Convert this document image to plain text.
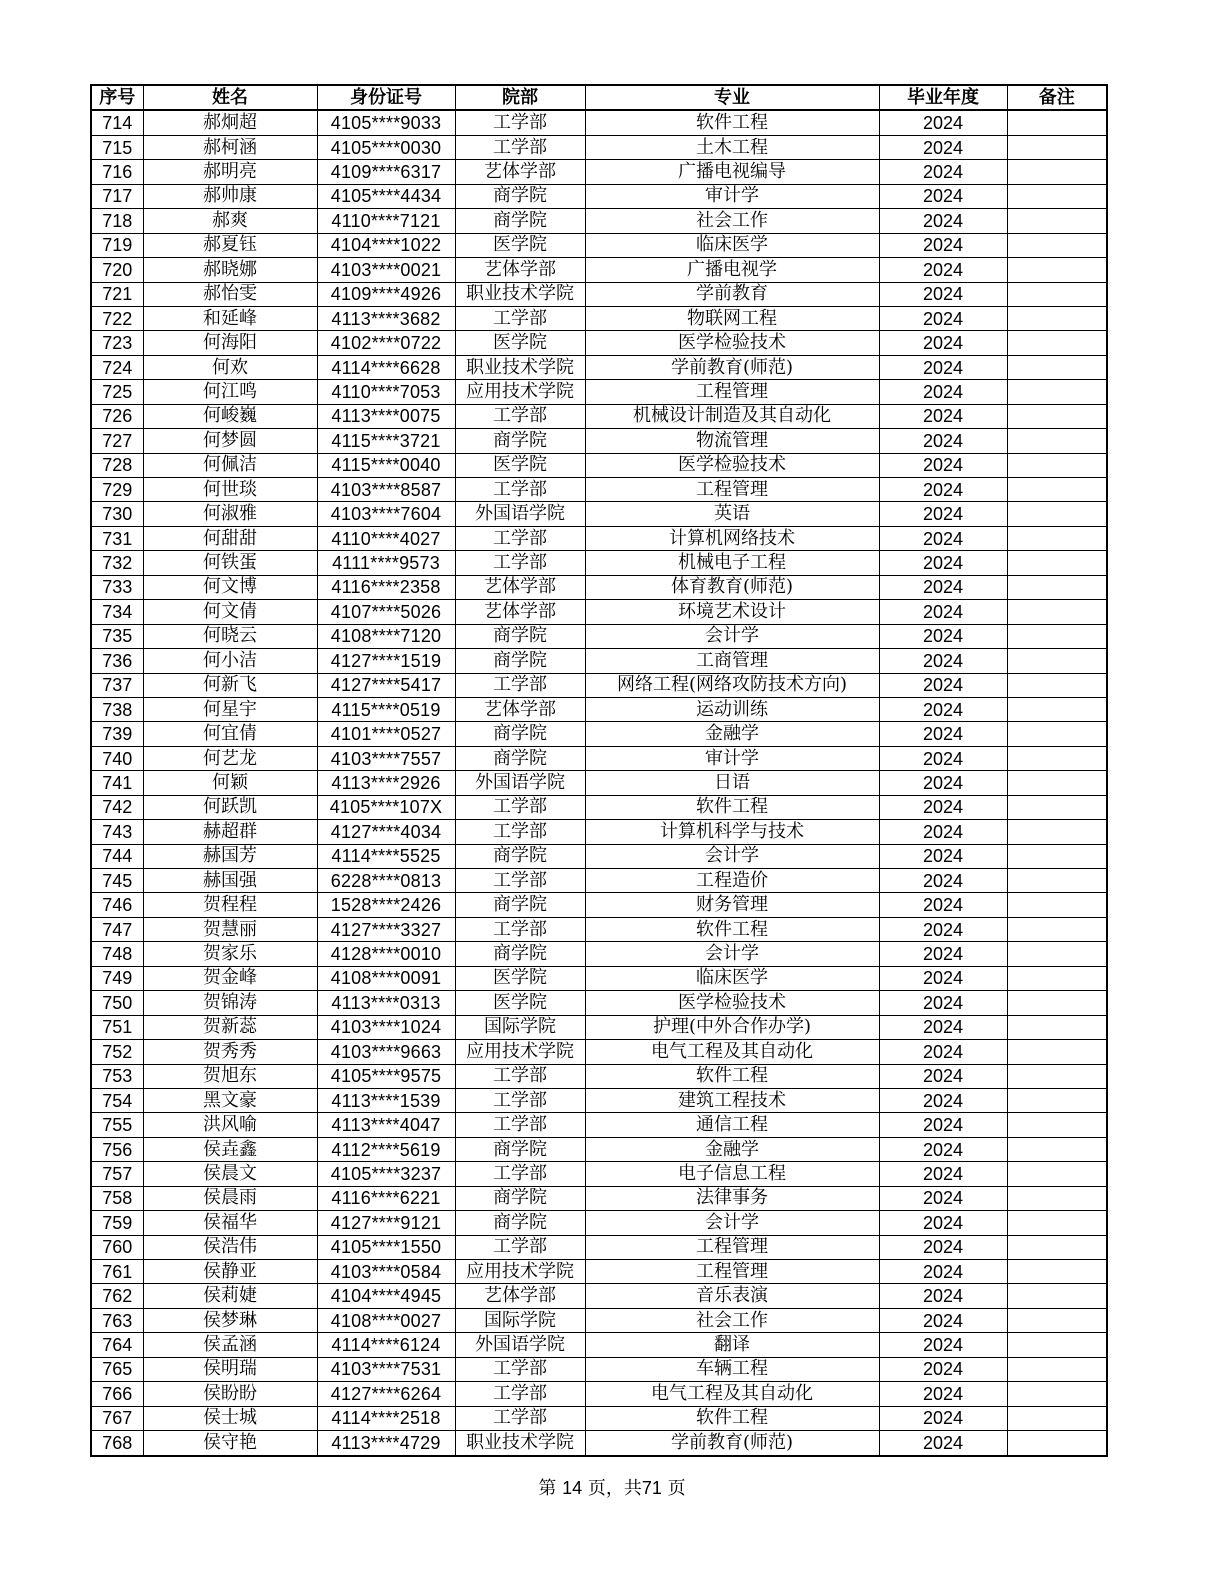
序号	姓名	身份证号	院部	专业	毕业年度	备注
714	郝炯超	4105****9033	工学部	软件工程	2024	
715	郝柯涵	4105****0030	工学部	土木工程	2024	
716	郝明亮	4109****6317	艺体学部	广播电视编导	2024	
717	郝帅康	4105****4434	商学院	审计学	2024	
718	郝爽	4110****7121	商学院	社会工作	2024	
719	郝夏钰	4104****1022	医学院	临床医学	2024	
720	郝晓娜	4103****0021	艺体学部	广播电视学	2024	
721	郝怡雯	4109****4926	职业技术学院	学前教育	2024	
722	和延峰	4113****3682	工学部	物联网工程	2024	
723	何海阳	4102****0722	医学院	医学检验技术	2024	
724	何欢	4114****6628	职业技术学院	学前教育(师范)	2024	
725	何江鸣	4110****7053	应用技术学院	工程管理	2024	
726	何峻巍	4113****0075	工学部	机械设计制造及其自动化	2024	
727	何梦圆	4115****3721	商学院	物流管理	2024	
728	何佩洁	4115****0040	医学院	医学检验技术	2024	
729	何世琰	4103****8587	工学部	工程管理	2024	
730	何淑雅	4103****7604	外国语学院	英语	2024	
731	何甜甜	4110****4027	工学部	计算机网络技术	2024	
732	何铁蛋	4111****9573	工学部	机械电子工程	2024	
733	何文博	4116****2358	艺体学部	体育教育(师范)	2024	
734	何文倩	4107****5026	艺体学部	环境艺术设计	2024	
735	何晓云	4108****7120	商学院	会计学	2024	
736	何小洁	4127****1519	商学院	工商管理	2024	
737	何新飞	4127****5417	工学部	网络工程(网络攻防技术方向)	2024	
738	何星宇	4115****0519	艺体学部	运动训练	2024	
739	何宜倩	4101****0527	商学院	金融学	2024	
740	何艺龙	4103****7557	商学院	审计学	2024	
741	何颖	4113****2926	外国语学院	日语	2024	
742	何跃凯	4105****107X	工学部	软件工程	2024	
743	赫超群	4127****4034	工学部	计算机科学与技术	2024	
744	赫国芳	4114****5525	商学院	会计学	2024	
745	赫国强	6228****0813	工学部	工程造价	2024	
746	贺程程	1528****2426	商学院	财务管理	2024	
747	贺慧丽	4127****3327	工学部	软件工程	2024	
748	贺家乐	4128****0010	商学院	会计学	2024	
749	贺金峰	4108****0091	医学院	临床医学	2024	
750	贺锦涛	4113****0313	医学院	医学检验技术	2024	
751	贺新蕊	4103****1024	国际学院	护理(中外合作办学)	2024	
752	贺秀秀	4103****9663	应用技术学院	电气工程及其自动化	2024	
753	贺旭东	4105****9575	工学部	软件工程	2024	
754	黑文豪	4113****1539	工学部	建筑工程技术	2024	
755	洪风喻	4113****4047	工学部	通信工程	2024	
756	侯垚鑫	4112****5619	商学院	金融学	2024	
757	侯晨文	4105****3237	工学部	电子信息工程	2024	
758	侯晨雨	4116****6221	商学院	法律事务	2024	
759	侯福华	4127****9121	商学院	会计学	2024	
760	侯浩伟	4105****1550	工学部	工程管理	2024	
761	侯静亚	4103****0584	应用技术学院	工程管理	2024	
762	侯莉婕	4104****4945	艺体学部	音乐表演	2024	
763	侯梦琳	4108****0027	国际学院	社会工作	2024	
764	侯孟涵	4114****6124	外国语学院	翻译	2024	
765	侯明瑞	4103****7531	工学部	车辆工程	2024	
766	侯盼盼	4127****6264	工学部	电气工程及其自动化	2024	
767	侯士城	4114****2518	工学部	软件工程	2024	
768	侯守艳	4113****4729	职业技术学院	学前教育(师范)	2024	
第 14 页，共71 页
